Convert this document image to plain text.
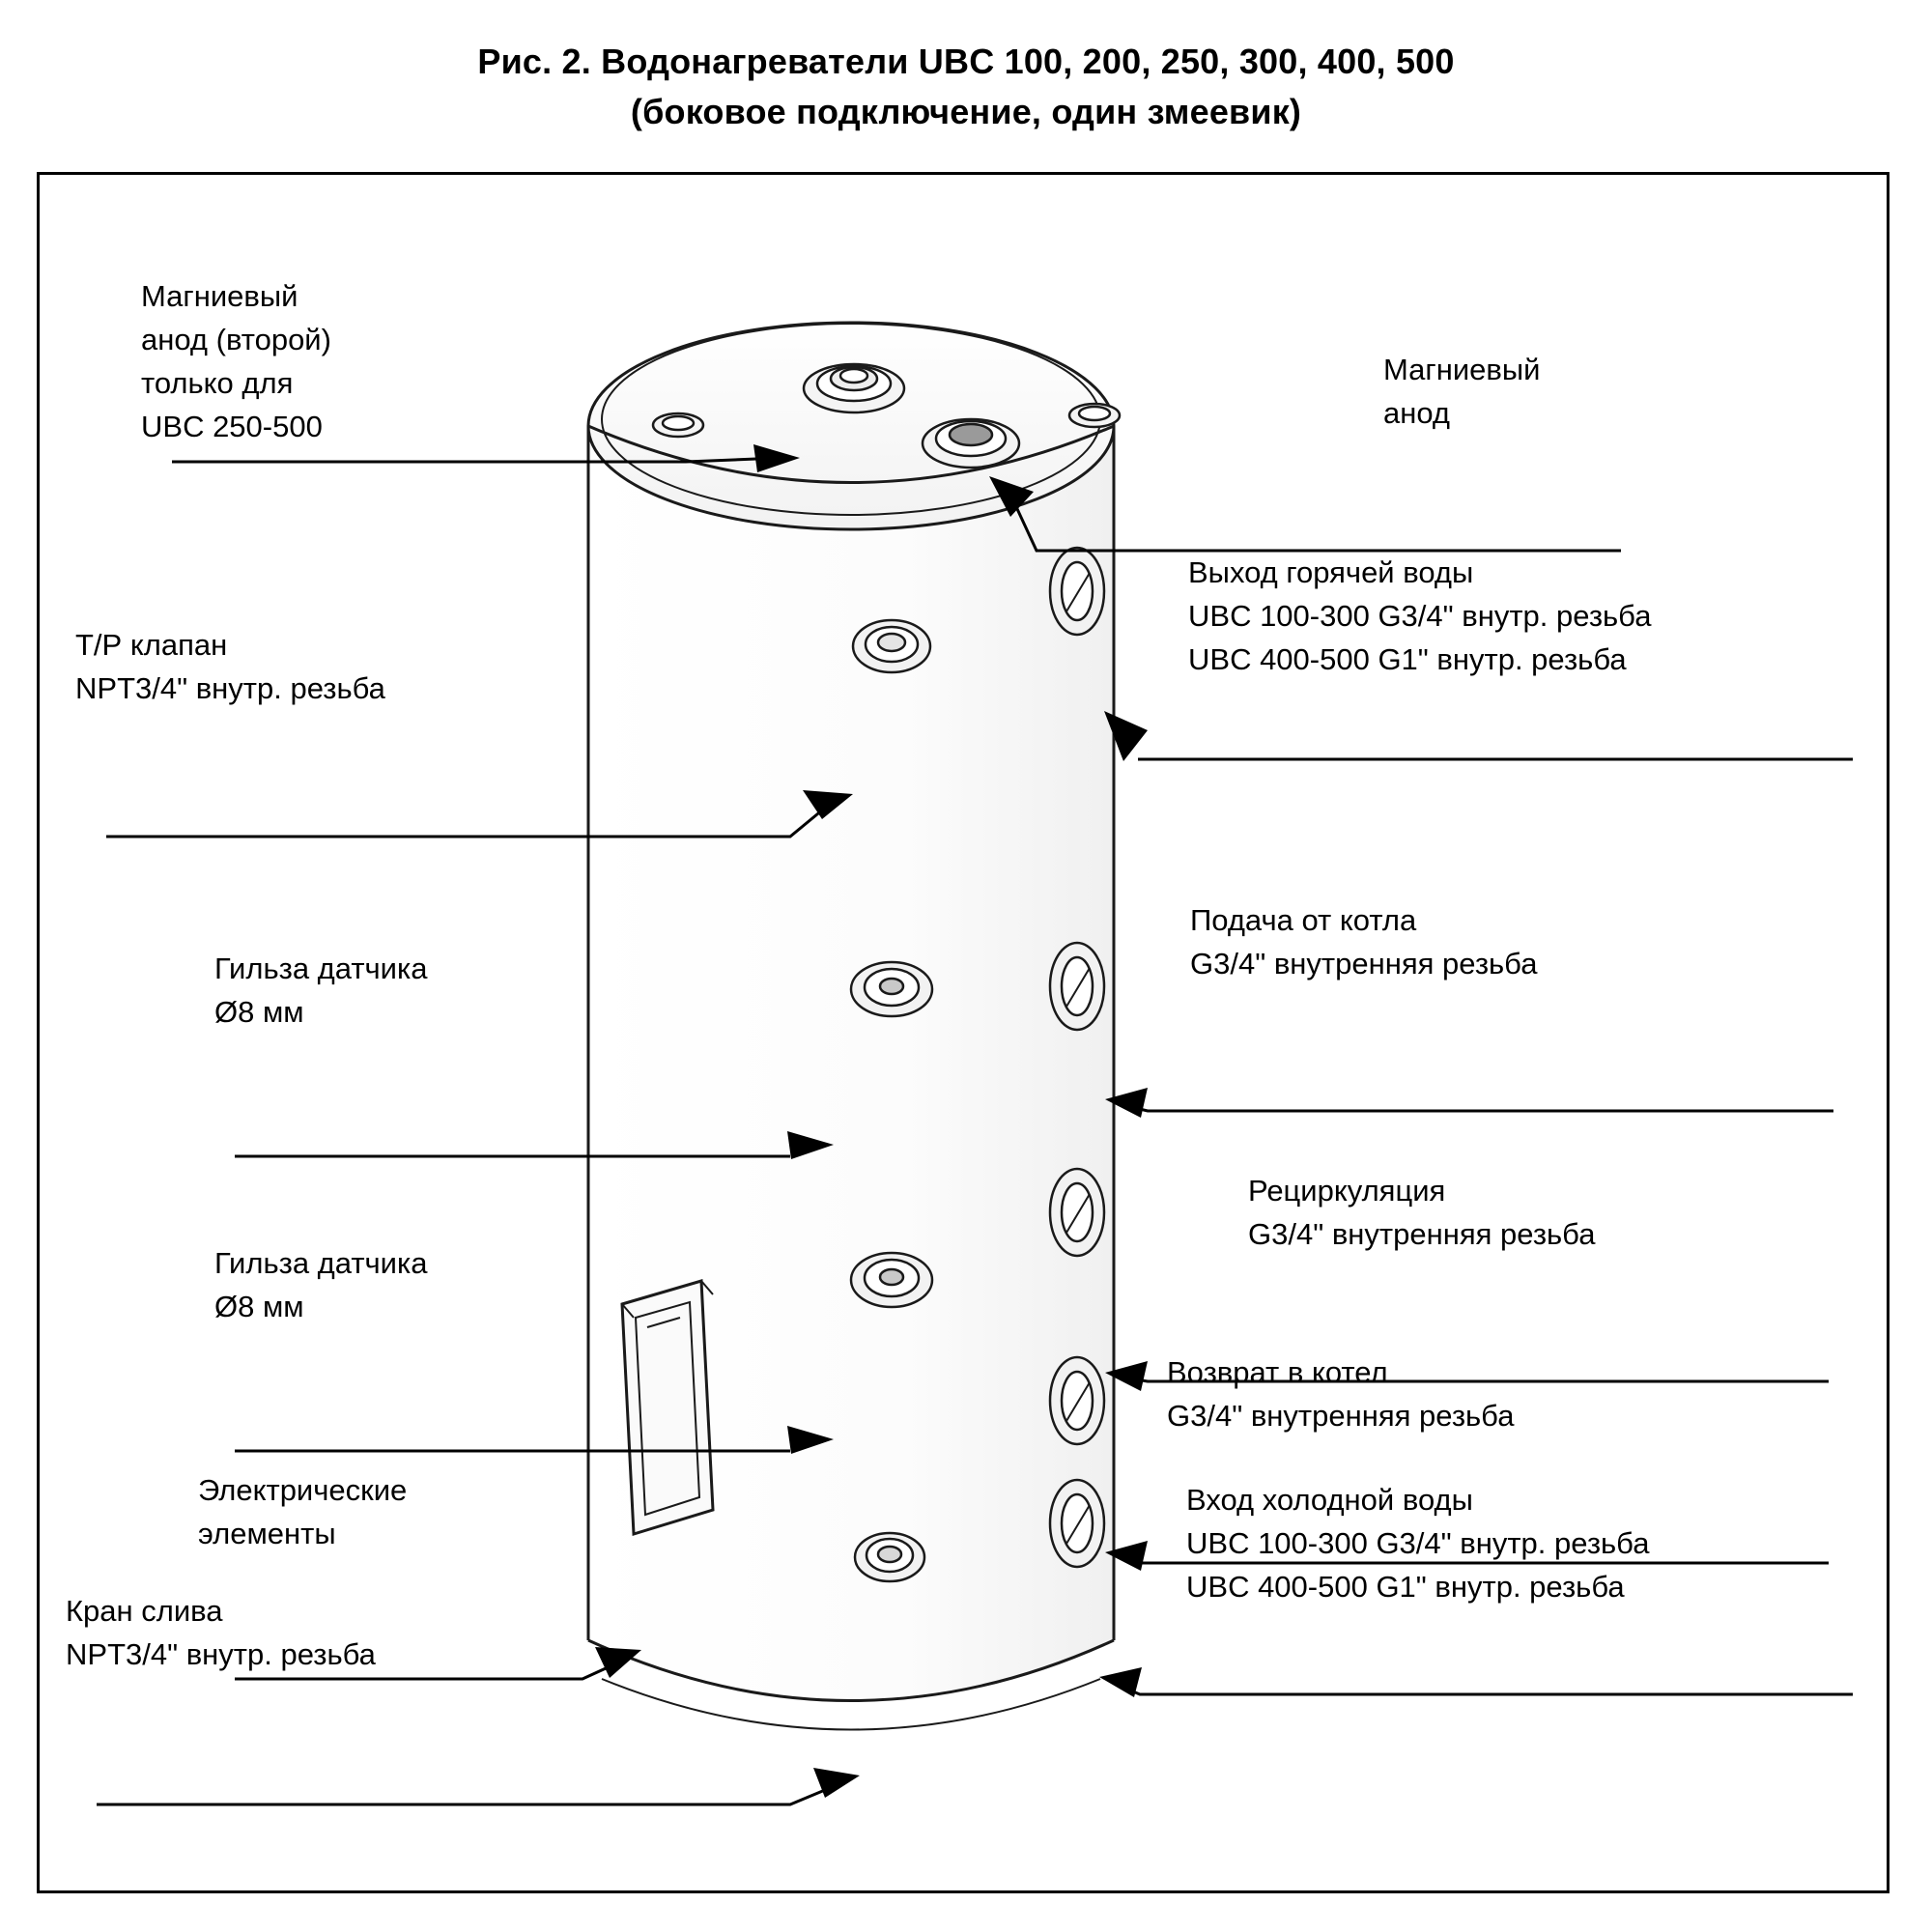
Рис. 2. Водонагреватели UBC 100, 200, 250, 300, 400, 500
(боковое подключение, один змеевик)
Магниевый
анод (второй)
только для
UBC 250-500
Магниевый
анод
Т/Р клапан
NPT3/4" внутр. резьба
Выход горячей воды
UBC 100-300 G3/4" внутр. резьба
UBC 400-500 G1" внутр. резьба
Гильза датчика
Ø8 мм
Подача от котла
G3/4" внутренняя резьба
Рециркуляция
G3/4" внутренняя резьба
Гильза датчика
Ø8 мм
Возврат в котел
G3/4" внутренняя резьба
Электрические
элементы
Вход холодной воды
UBC 100-300 G3/4" внутр. резьба
UBC 400-500 G1" внутр. резьба
Кран слива
NPT3/4" внутр. резьба
